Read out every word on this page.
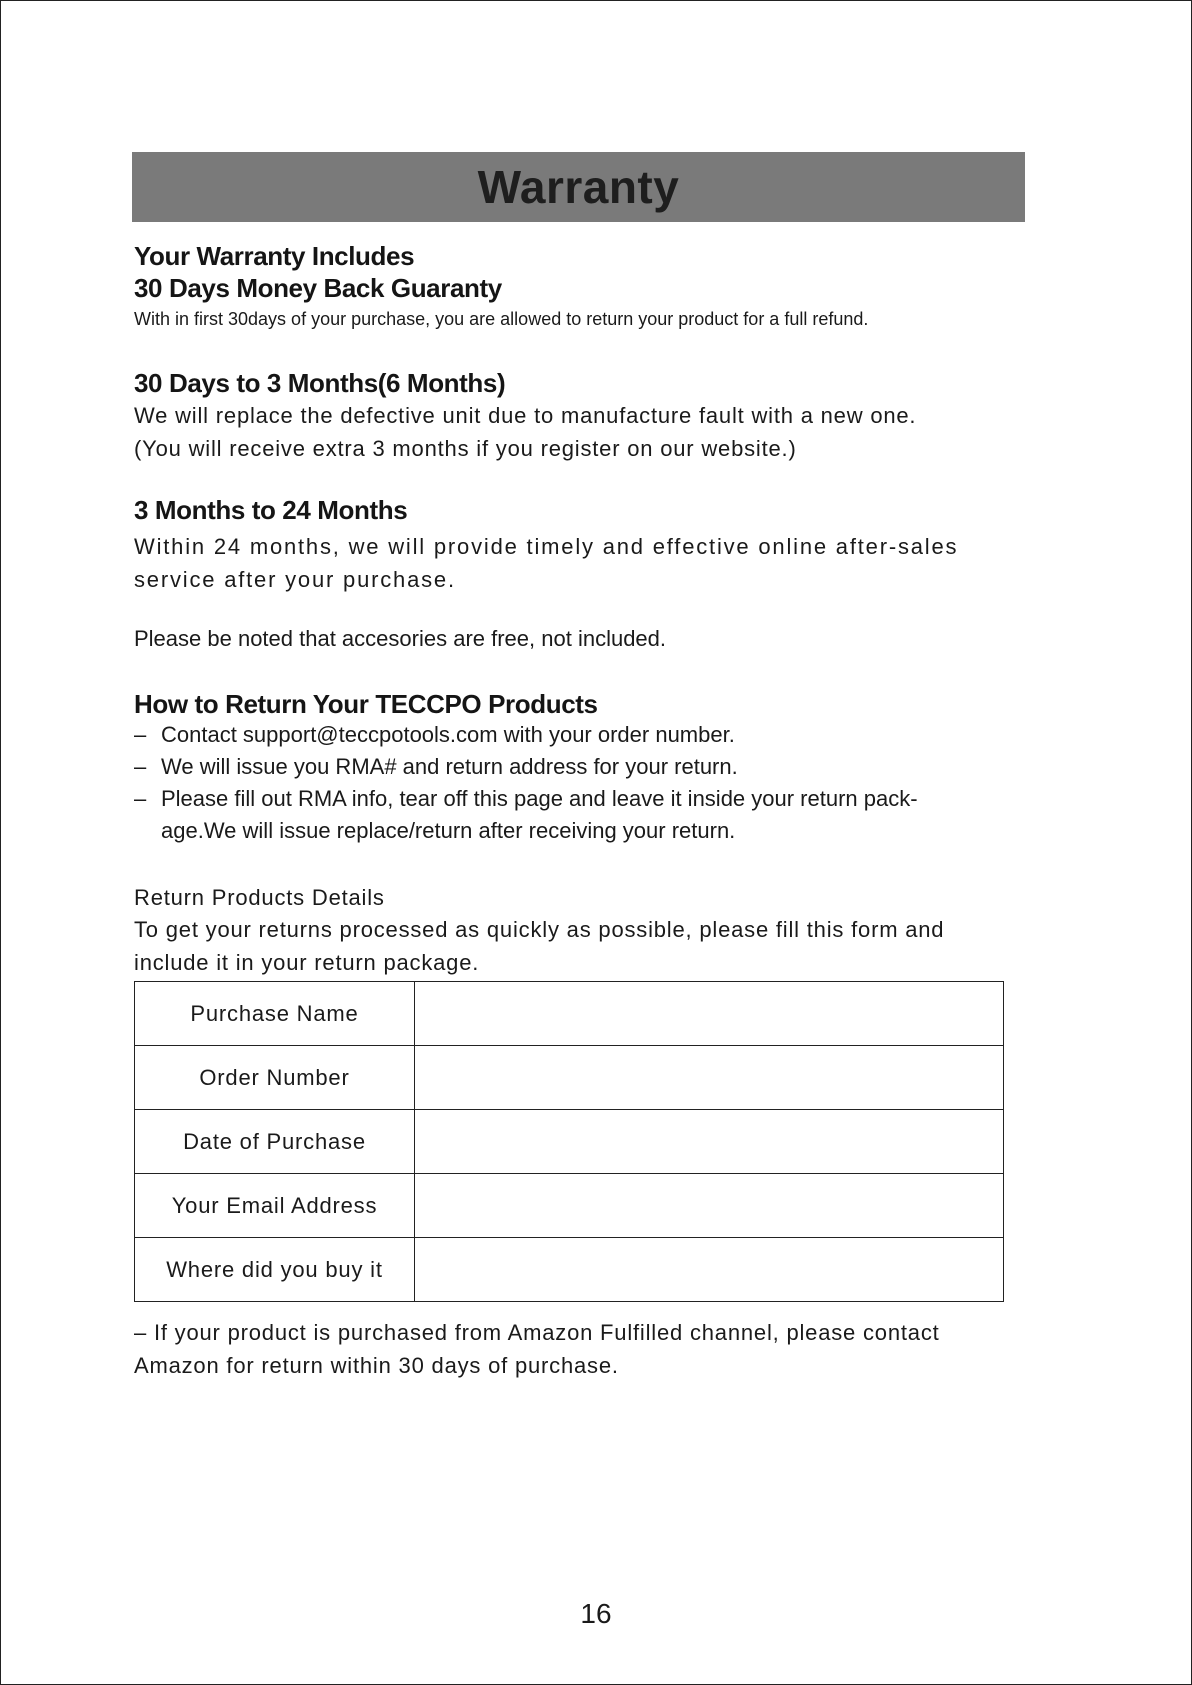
Warranty
Your Warranty Includes
30 Days Money Back Guaranty
With in first 30days of your purchase, you are allowed to return your product for a full refund.
30 Days to 3 Months(6 Months)
We will replace the defective unit due to manufacture fault with a new one.
(You will receive extra 3 months if you register on our website.)
3 Months to 24 Months
Within 24 months, we will provide timely and effective online after-sales
service after your purchase.
Please be noted that accesories are free, not included.
How to Return Your TECCPO Products
– Contact support@teccpotools.com with your order number.
– We will issue you RMA# and return address for your return.
– Please fill out RMA info, tear off this page and leave it inside your return pack-
age.We will issue replace/return after receiving your return.
Return Products Details
To get your returns processed as quickly as possible, please fill this form and
include it in your return package.
Purchase Name	
Order Number	
Date of Purchase	
Your Email Address	
Where did you buy it	
– If your product is purchased from Amazon Fulfilled channel, please contact
Amazon for return within 30 days of purchase.
16
